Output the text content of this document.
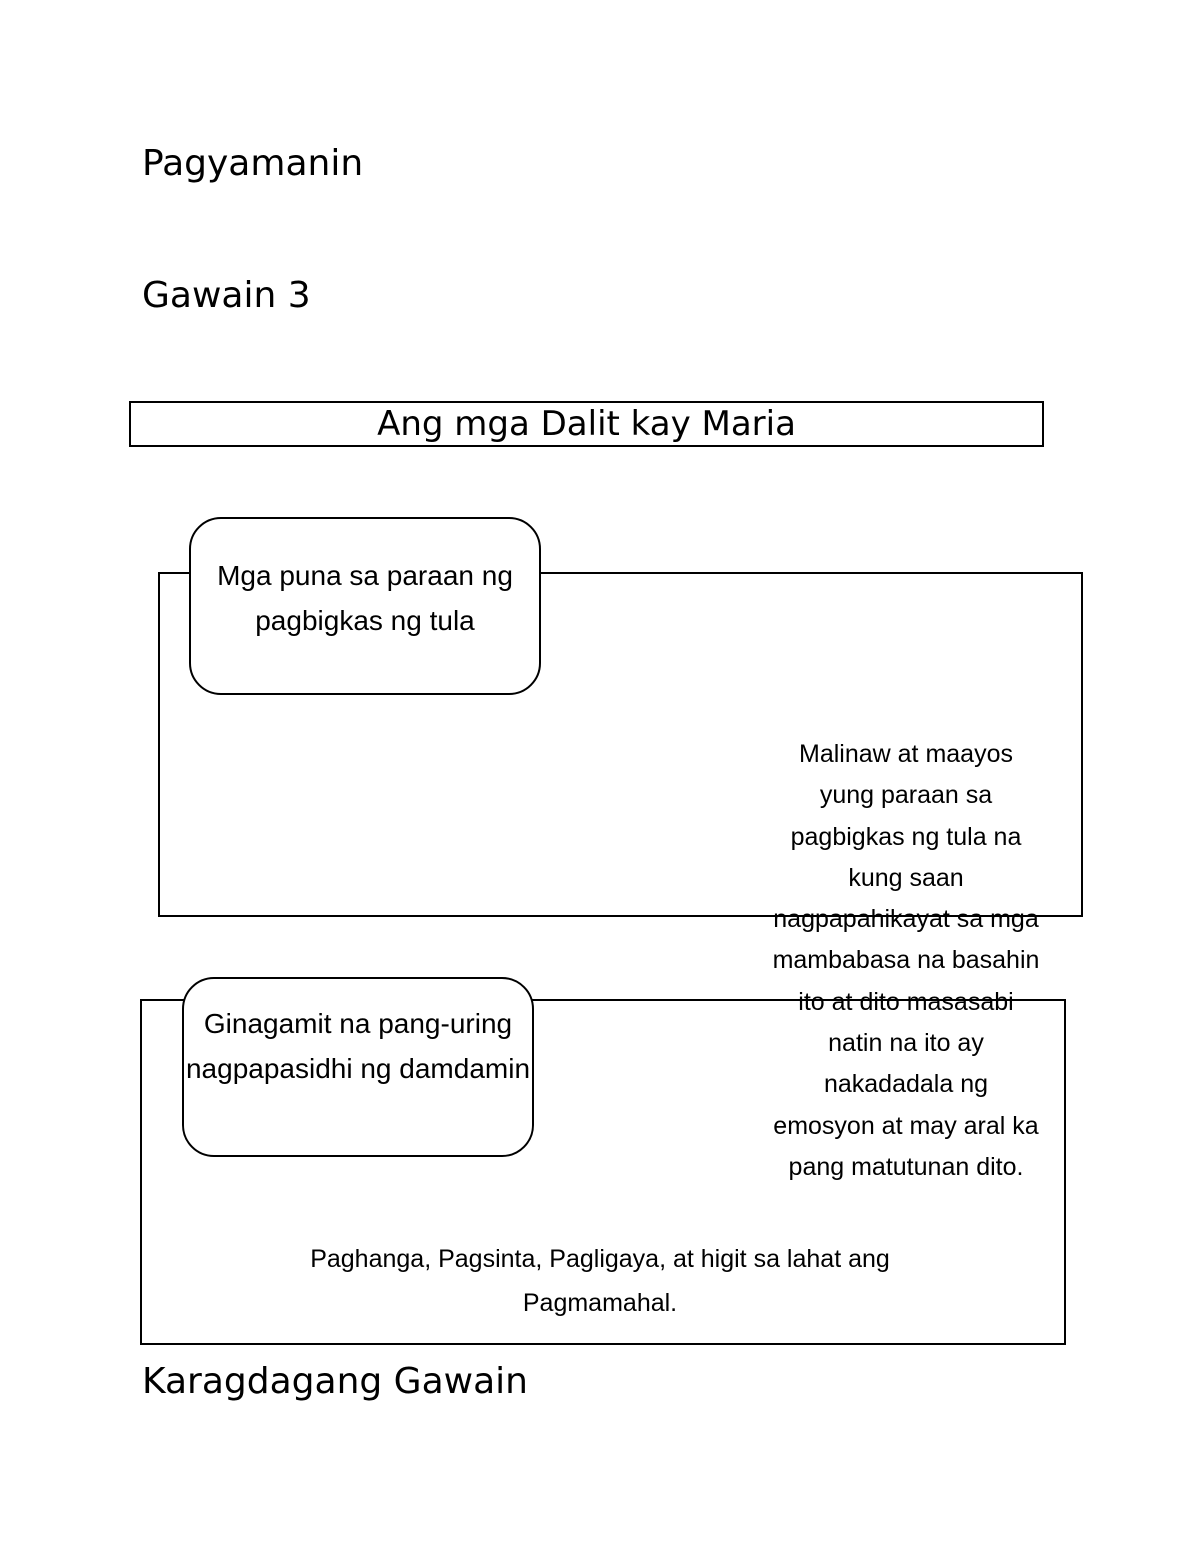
Pagyamanin
Gawain 3
Ang mga Dalit kay Maria
Mga puna sa paraan ng pagbigkas ng tula
Malinaw at maayos yung paraan sa pagbigkas ng tula na kung saan nagpapahikayat sa mga mambabasa na basahin ito at dito masasabi natin na ito ay nakadadala ng emosyon at may aral ka pang matutunan dito.
Ginagamit na pang-uring nagpapasidhi ng damdamin
Paghanga, Pagsinta, Pagligaya, at higit sa lahat ang Pagmamahal.
Karagdagang Gawain
